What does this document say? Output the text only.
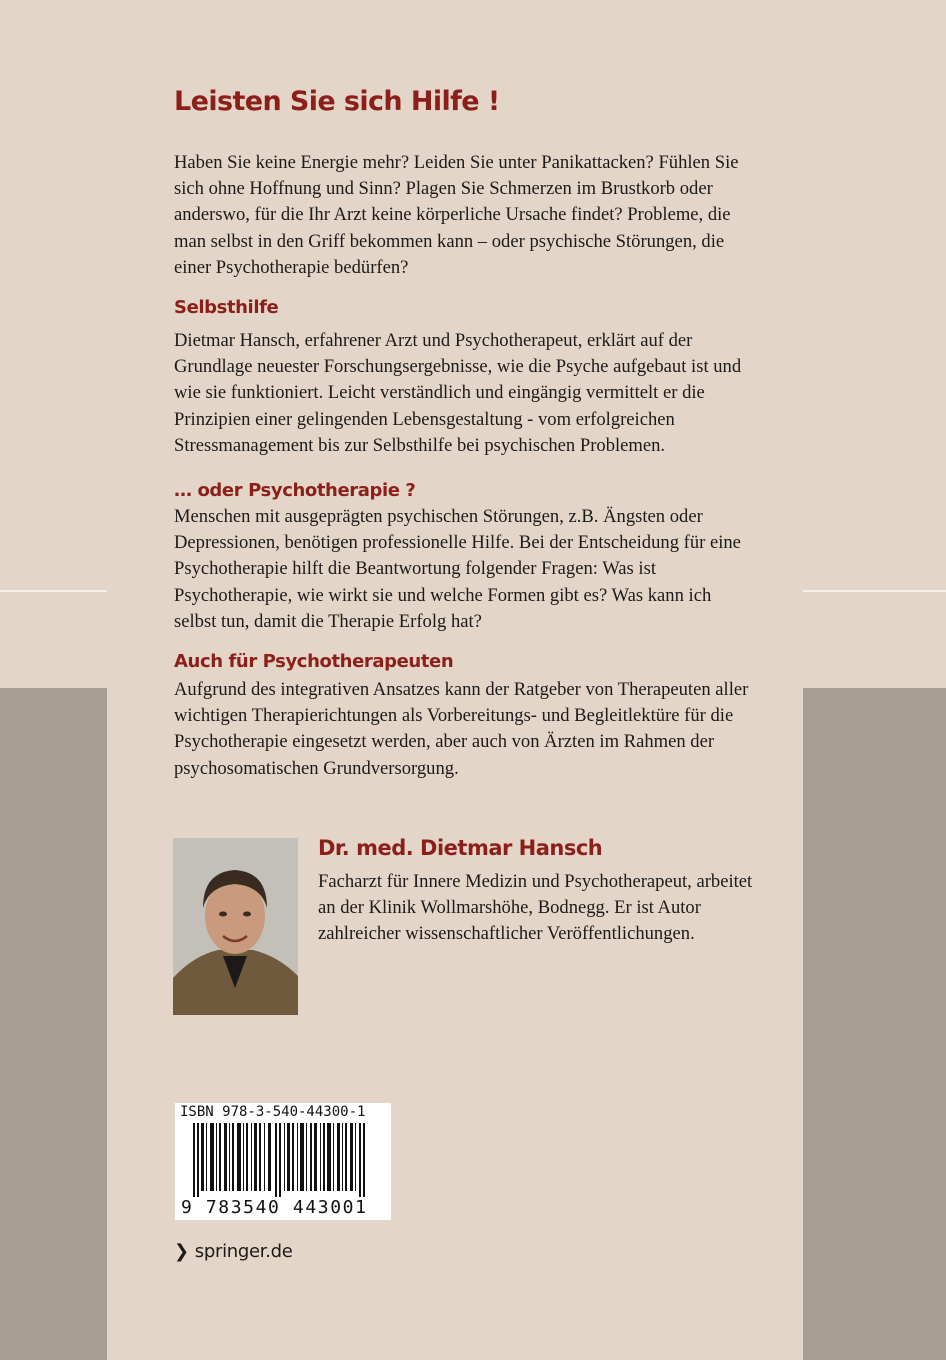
Leisten Sie sich Hilfe !

Haben Sie keine Energie mehr? Leiden Sie unter Panikattacken? Fühlen Sie sich ohne Hoffnung und Sinn? Plagen Sie Schmerzen im Brustkorb oder anderswo, für die Ihr Arzt keine körperliche Ursache findet? Probleme, die man selbst in den Griff bekommen kann – oder psychische Störungen, die einer Psychotherapie bedürfen?

Selbsthilfe

Dietmar Hansch, erfahrener Arzt und Psychotherapeut, erklärt auf der Grundlage neuester Forschungsergebnisse, wie die Psyche aufgebaut ist und wie sie funktioniert. Leicht verständlich und eingängig vermittelt er die Prinzipien einer gelingenden Lebensgestaltung - vom erfolgreichen Stressmanagement bis zur Selbsthilfe bei psychischen Problemen.

… oder Psychotherapie ?

Menschen mit ausgeprägten psychischen Störungen, z.B. Ängsten oder Depressionen, benötigen professionelle Hilfe. Bei der Entscheidung für eine Psychotherapie hilft die Beantwortung folgender Fragen: Was ist Psychotherapie, wie wirkt sie und welche Formen gibt es? Was kann ich selbst tun, damit die Therapie Erfolg hat?

Auch für Psychotherapeuten

Aufgrund des integrativen Ansatzes kann der Ratgeber von Therapeuten aller wichtigen Therapierichtungen als Vorbereitungs- und Begleitlektüre für die Psychotherapie eingesetzt werden, aber auch von Ärzten im Rahmen der psychosomatischen Grundversorgung.

Dr. med. Dietmar Hansch

Facharzt für Innere Medizin und Psychotherapeut, arbeitet an der Klinik Wollmarshöhe, Bodnegg. Er ist Autor zahlreicher wissenschaftlicher Veröffentlichungen.

ISBN 978-3-540-44300-1
9 783540 443001
❯ springer.de
